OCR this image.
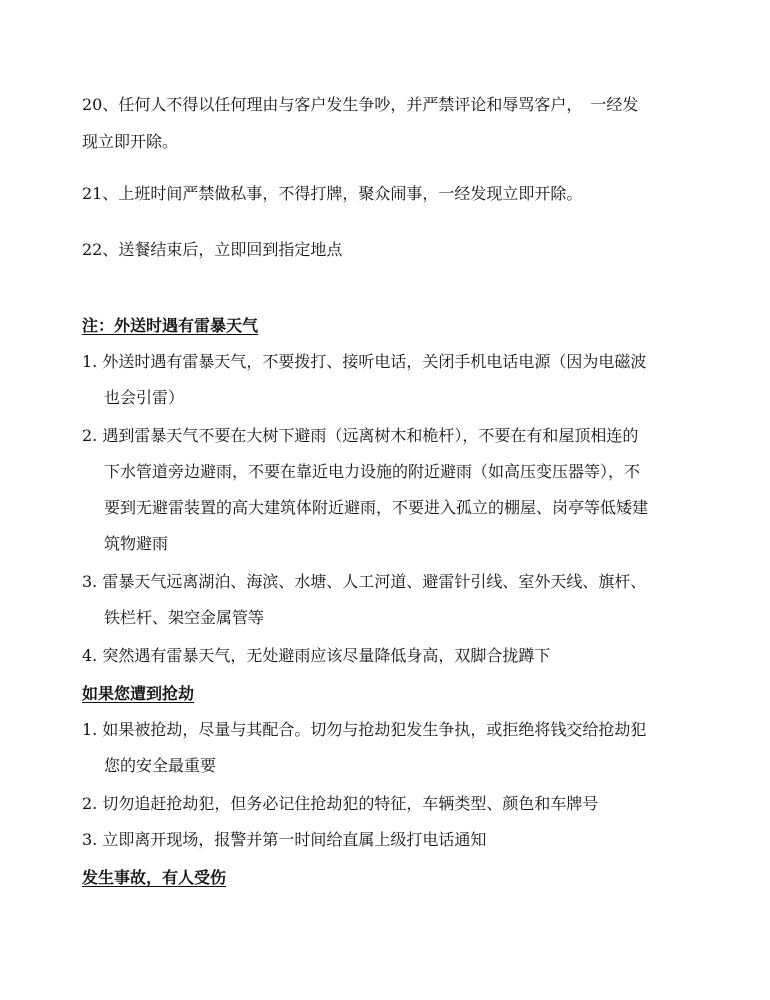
20、任何人不得以任何理由与客户发生争吵，并严禁评论和辱骂客户，　一经发
现立即开除。
21、上班时间严禁做私事，不得打牌，聚众闹事，一经发现立即开除。
22、送餐结束后，立即回到指定地点
注：外送时遇有雷暴天气
1. 外送时遇有雷暴天气，不要拨打、接听电话，关闭手机电话电源（因为电磁波
也会引雷）
2. 遇到雷暴天气不要在大树下避雨（远离树木和桅杆），不要在有和屋顶相连的
下水管道旁边避雨，不要在靠近电力设施的附近避雨（如高压变压器等），不
要到无避雷装置的高大建筑体附近避雨，不要进入孤立的棚屋、岗亭等低矮建
筑物避雨
3. 雷暴天气远离湖泊、海滨、水塘、人工河道、避雷针引线、室外天线、旗杆、
铁栏杆、架空金属管等
4. 突然遇有雷暴天气，无处避雨应该尽量降低身高，双脚合拢蹲下
如果您遭到抢劫
1. 如果被抢劫，尽量与其配合。切勿与抢劫犯发生争执，或拒绝将钱交给抢劫犯
您的安全最重要
2. 切勿追赶抢劫犯，但务必记住抢劫犯的特征，车辆类型、颜色和车牌号
3. 立即离开现场，报警并第一时间给直属上级打电话通知
发生事故，有人受伤
